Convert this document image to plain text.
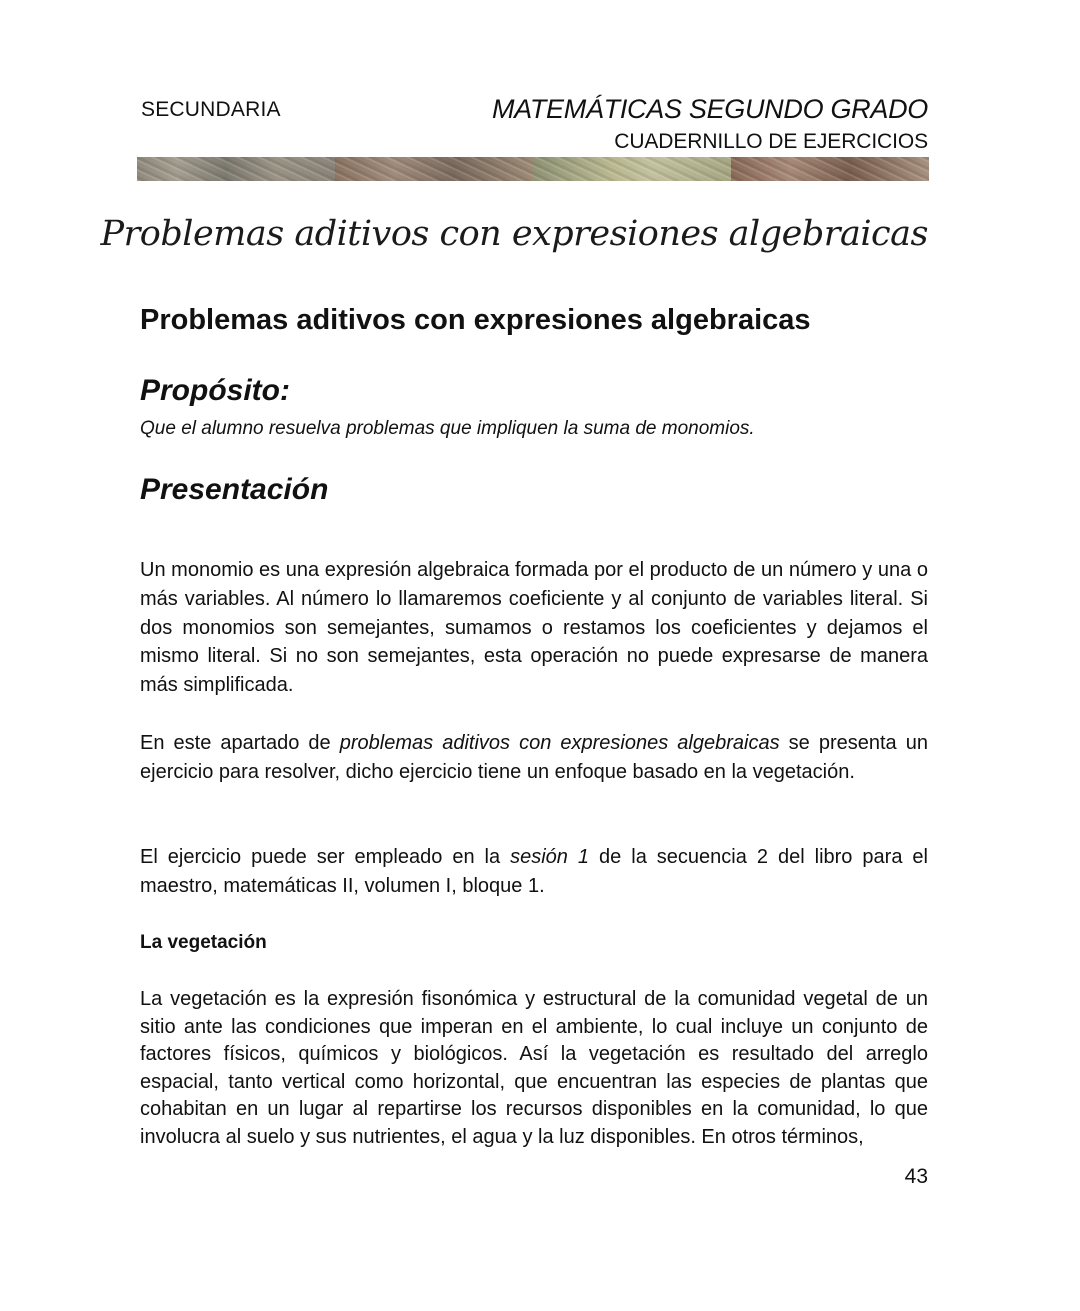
SECUNDARIA	MATEMÁTICAS SEGUNDO GRADO
CUADERNILLO DE EJERCICIOS
Problemas aditivos con expresiones algebraicas
Problemas aditivos con expresiones algebraicas
Propósito:
Que el alumno resuelva problemas que impliquen la suma de monomios.
Presentación
Un monomio es una expresión algebraica formada por el producto de un número y una o más variables. Al número lo llamaremos coeficiente y al conjunto de variables literal. Si dos monomios son semejantes, sumamos o restamos los coeficientes y dejamos el mismo literal. Si no son semejantes, esta operación no puede expresarse de manera más simplificada.
En este apartado de problemas aditivos con expresiones algebraicas se presenta un ejercicio para resolver, dicho ejercicio tiene un enfoque basado en la vegetación.
El ejercicio puede ser empleado en la sesión 1 de la secuencia 2 del libro para el maestro, matemáticas II, volumen I, bloque 1.
La vegetación
La vegetación es la expresión fisonómica y estructural de la comunidad vegetal de un sitio ante las condiciones que imperan en el ambiente, lo cual incluye un conjunto de factores físicos, químicos y biológicos. Así la vegetación es resultado del arreglo espacial, tanto vertical como horizontal, que encuentran las especies de plantas que cohabitan en un lugar al repartirse los recursos disponibles en la comunidad, lo que involucra al suelo y sus nutrientes, el agua y la luz disponibles. En otros términos,
43
